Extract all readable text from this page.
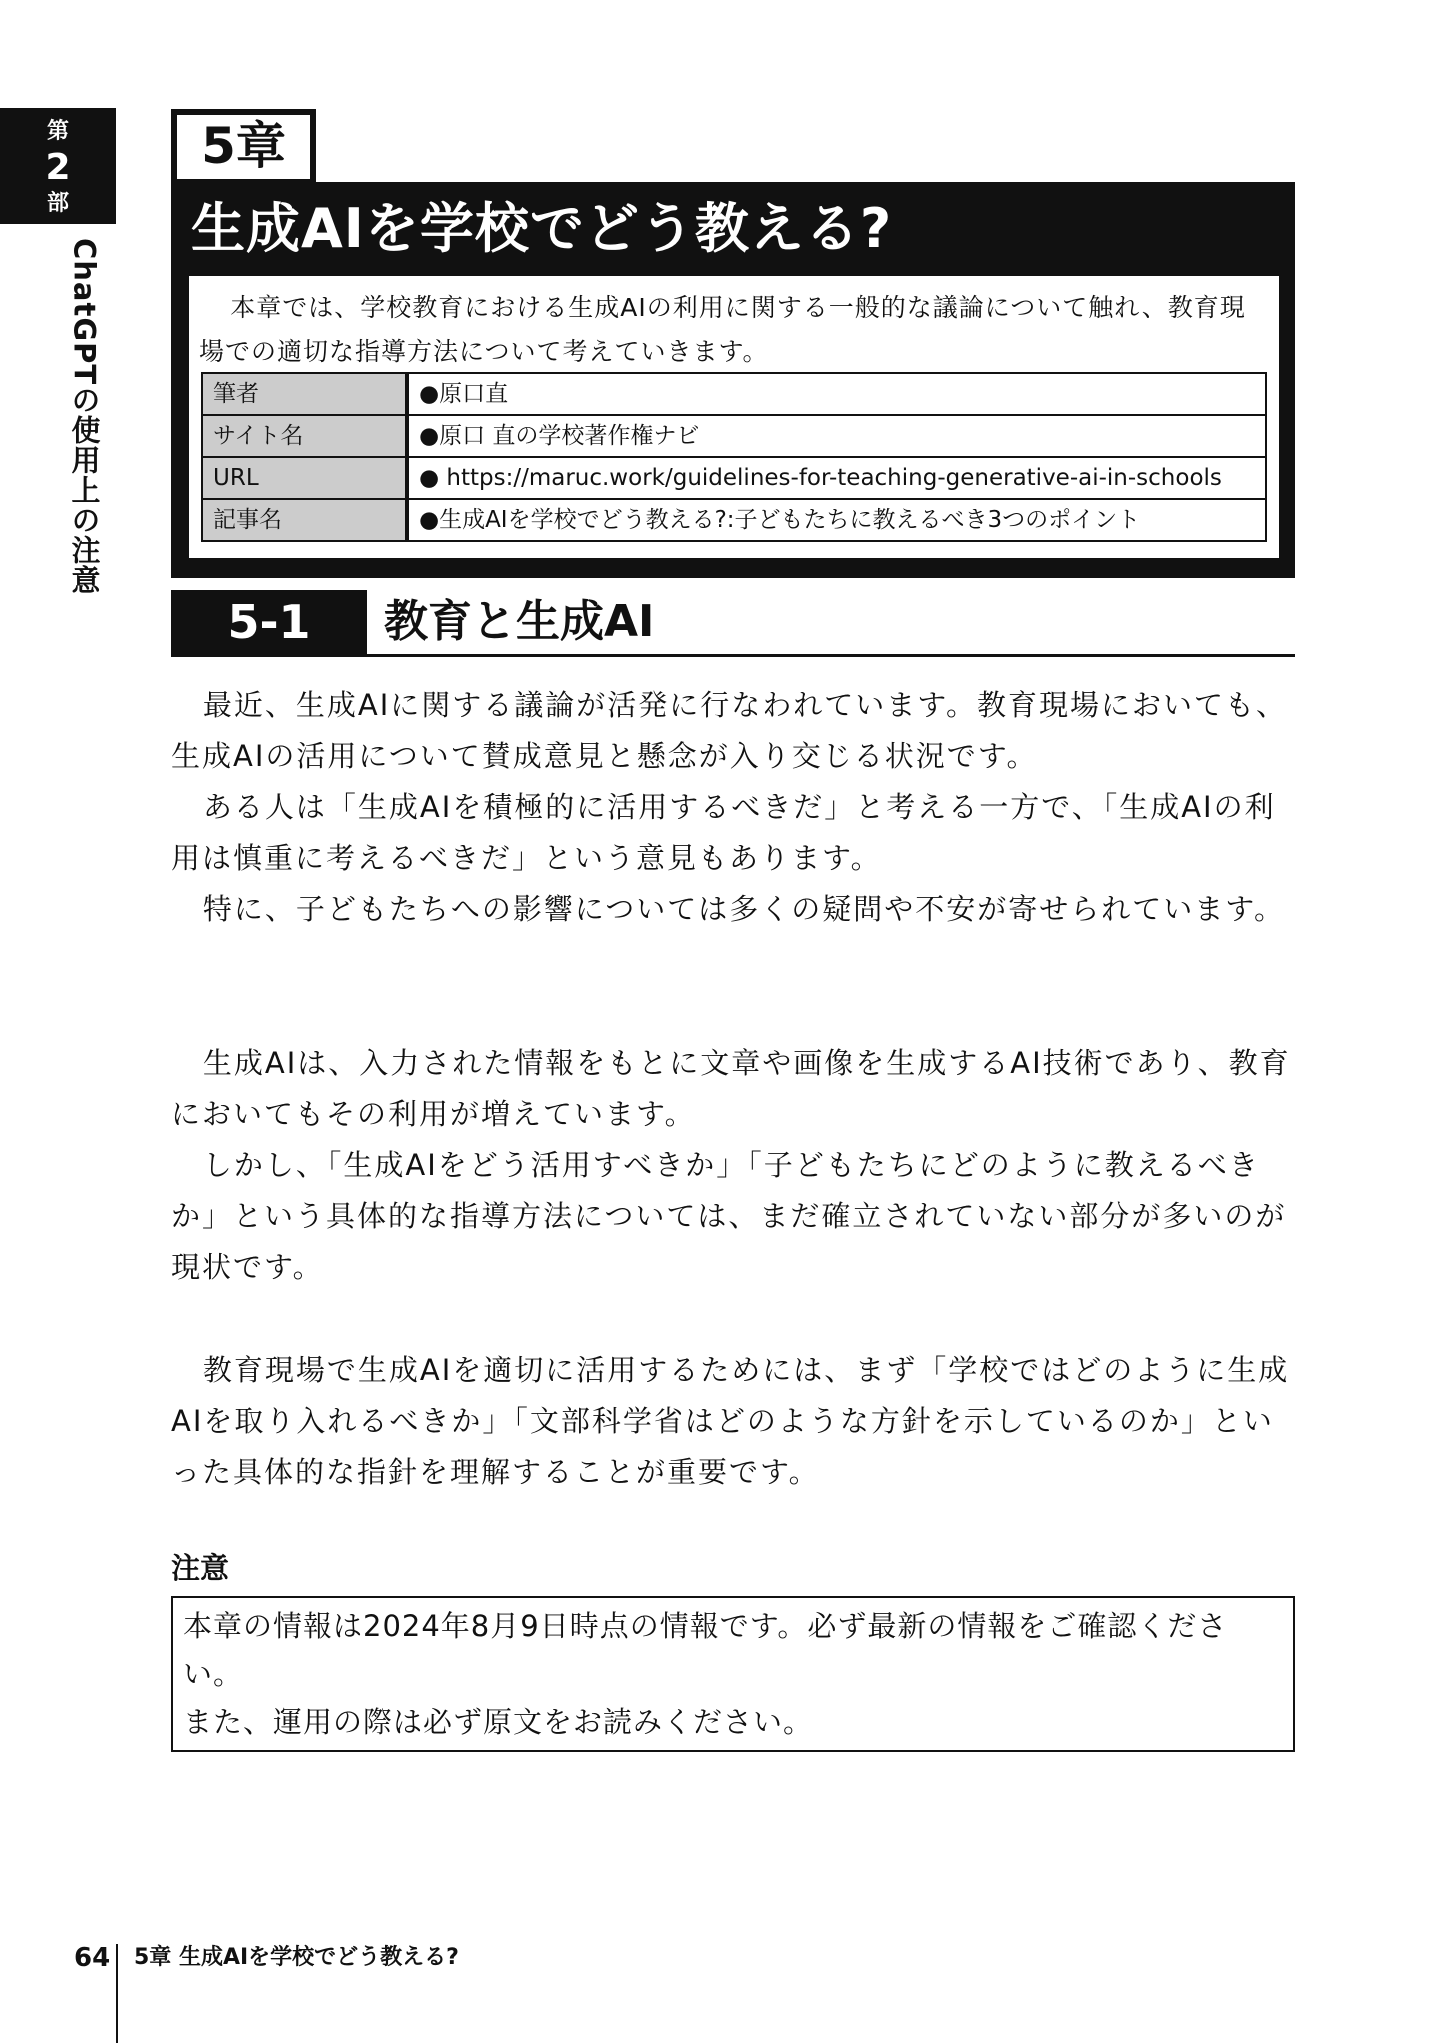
第
2
部
ChatGPTの使用上の注意
5章
生成AIを学校でどう教える?

本章では、学校教育における生成AIの利用に関する一般的な議論について触れ、教育現場での適切な指導方法について考えていきます。

筆者	●原口直
サイト名	●原口 直の学校著作権ナビ
URL	● https://maruc.work/guidelines-for-teaching-generative-ai-in-schools
記事名	●生成AIを学校でどう教える?:子どもたちに教えるべき3つのポイント
5-1	教育と生成AI

最近、生成AIに関する議論が活発に行なわれています。教育現場においても、生成AIの活用について賛成意見と懸念が入り交じる状況です。

ある人は「生成AIを積極的に活用するべきだ」と考える一方で、「生成AIの利用は慎重に考えるべきだ」という意見もあります。

特に、子どもたちへの影響については多くの疑問や不安が寄せられています。

生成AIは、入力された情報をもとに文章や画像を生成するAI技術であり、教育においてもその利用が増えています。

しかし、「生成AIをどう活用すべきか」「子どもたちにどのように教えるべきか」という具体的な指導方法については、まだ確立されていない部分が多いのが現状です。

教育現場で生成AIを適切に活用するためには、まず「学校ではどのように生成AIを取り入れるべきか」「文部科学省はどのような方針を示しているのか」といった具体的な指針を理解することが重要です。

注意

本章の情報は2024年8月9日時点の情報です。必ず最新の情報をご確認ください。

また、運用の際は必ず原文をお読みください。

64 5章 生成AIを学校でどう教える?
